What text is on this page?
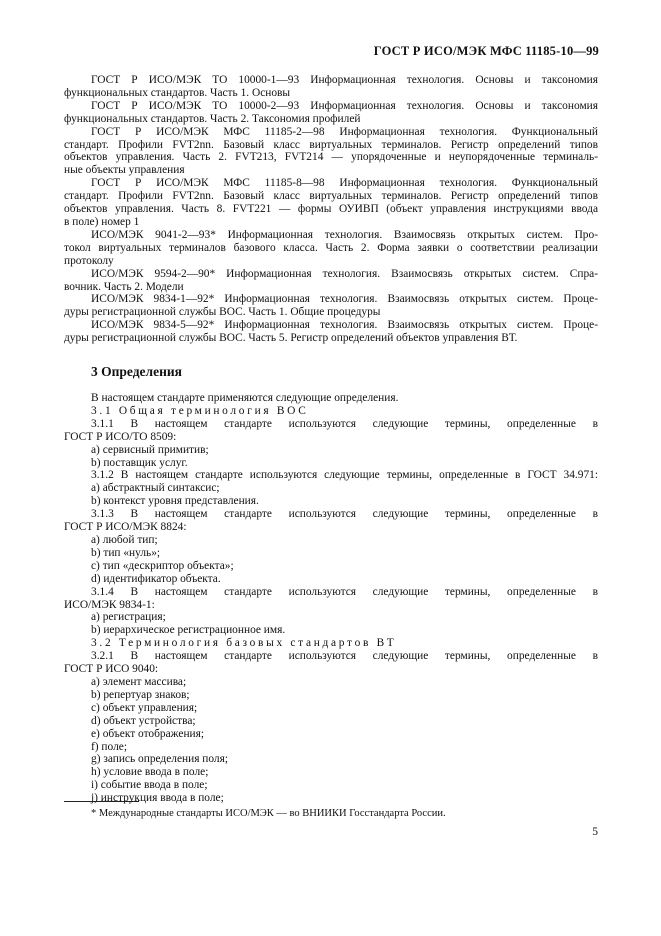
ГОСТ Р ИСО/МЭК МФС 11185-10—99
ГОСТ Р ИСО/МЭК ТО 10000-1—93 Информационная технология. Основы и таксономия
функциональных стандартов. Часть 1. Основы
ГОСТ Р ИСО/МЭК ТО 10000-2—93 Информационная технология. Основы и таксономия
функциональных стандартов. Часть 2. Таксономия профилей
ГОСТ Р ИСО/МЭК МФС 11185-2—98 Информационная технология. Функциональный
стандарт. Профили FVT2nn. Базовый класс виртуальных терминалов. Регистр определений типов
объектов управления. Часть 2. FVT213, FVT214 — упорядоченные и неупорядоченные терминаль-
ные объекты управления
ГОСТ Р ИСО/МЭК МФС 11185-8—98 Информационная технология. Функциональный
стандарт. Профили FVT2nn. Базовый класс виртуальных терминалов. Регистр определений типов
объектов управления. Часть 8. FVT221 — формы ОУИВП (объект управления инструкциями ввода
в поле) номер 1
ИСО/МЭК 9041-2—93* Информационная технология. Взаимосвязь открытых систем. Про-
токол виртуальных терминалов базового класса. Часть 2. Форма заявки о соответствии реализации
протоколу
ИСО/МЭК 9594-2—90* Информационная технология. Взаимосвязь открытых систем. Спра-
вочник. Часть 2. Модели
ИСО/МЭК 9834-1—92* Информационная технология. Взаимосвязь открытых систем. Проце-
дуры регистрационной службы ВОС. Часть 1. Общие процедуры
ИСО/МЭК 9834-5—92* Информационная технология. Взаимосвязь открытых систем. Проце-
дуры регистрационной службы ВОС. Часть 5. Регистр определений объектов управления ВТ.
3 Определения
В настоящем стандарте применяются следующие определения.
3.1 Общая терминология ВОС
3.1.1 В настоящем стандарте используются следующие термины, определенные в
ГОСТ Р ИСО/ТО 8509:
a) сервисный примитив;
b) поставщик услуг.
3.1.2 В настоящем стандарте используются следующие термины, определенные в ГОСТ 34.971:
a) абстрактный синтаксис;
b) контекст уровня представления.
3.1.3 В настоящем стандарте используются следующие термины, определенные в
ГОСТ Р ИСО/МЭК 8824:
a) любой тип;
b) тип «нуль»;
c) тип «дескриптор объекта»;
d) идентификатор объекта.
3.1.4 В настоящем стандарте используются следующие термины, определенные в
ИСО/МЭК 9834-1:
a) регистрация;
b) иерархическое регистрационное имя.
3.2 Терминология базовых стандартов ВТ
3.2.1 В настоящем стандарте используются следующие термины, определенные в
ГОСТ Р ИСО 9040:
a) элемент массива;
b) репертуар знаков;
c) объект управления;
d) объект устройства;
e) объект отображения;
f) поле;
g) запись определения поля;
h) условие ввода в поле;
i) событие ввода в поле;
j) инструкция ввода в поле;
* Международные стандарты ИСО/МЭК — во ВНИИКИ Госстандарта России.
5
